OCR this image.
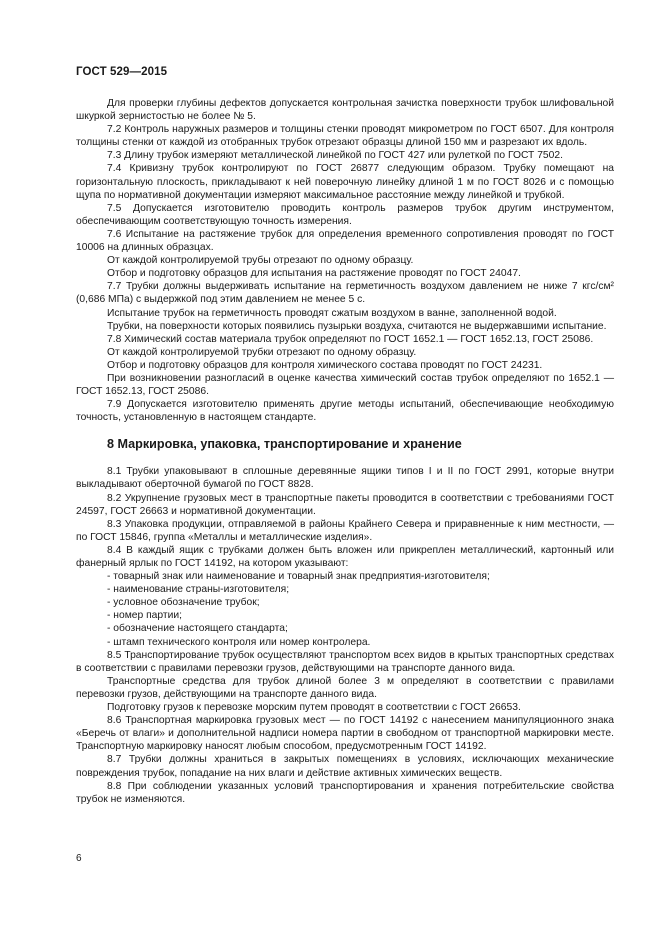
ГОСТ 529—2015

Для проверки глубины дефектов допускается контрольная зачистка поверхности трубок шлифовальной шкуркой зернистостью не более № 5.

7.2 Контроль наружных размеров и толщины стенки проводят микрометром по ГОСТ 6507. Для контроля толщины стенки от каждой из отобранных трубок отрезают образцы длиной 150 мм и разрезают их вдоль.

7.3 Длину трубок измеряют металлической линейкой по ГОСТ 427 или рулеткой по ГОСТ 7502.

7.4 Кривизну трубок контролируют по ГОСТ 26877 следующим образом. Трубку помещают на горизонтальную плоскость, прикладывают к ней поверочную линейку длиной 1 м по ГОСТ 8026 и с помощью щупа по нормативной документации измеряют максимальное расстояние между линейкой и трубкой.

7.5 Допускается изготовителю проводить контроль размеров трубок другим инструментом, обеспечивающим соответствующую точность измерения.

7.6 Испытание на растяжение трубок для определения временного сопротивления проводят по ГОСТ 10006 на длинных образцах.

От каждой контролируемой трубы отрезают по одному образцу.

Отбор и подготовку образцов для испытания на растяжение проводят по ГОСТ 24047.

7.7 Трубки должны выдерживать испытание на герметичность воздухом давлением не ниже 7 кгс/см² (0,686 МПа) с выдержкой под этим давлением не менее 5 с.

Испытание трубок на герметичность проводят сжатым воздухом в ванне, заполненной водой.

Трубки, на поверхности которых появились пузырьки воздуха, считаются не выдержавшими испытание.

7.8 Химический состав материала трубок определяют по ГОСТ 1652.1 — ГОСТ 1652.13, ГОСТ 25086.

От каждой контролируемой трубки отрезают по одному образцу.

Отбор и подготовку образцов для контроля химического состава проводят по ГОСТ 24231.

При возникновении разногласий в оценке качества химический состав трубок определяют по 1652.1 — ГОСТ 1652.13, ГОСТ 25086.

7.9 Допускается изготовителю применять другие методы испытаний, обеспечивающие необходимую точность, установленную в настоящем стандарте.

8 Маркировка, упаковка, транспортирование и хранение

8.1 Трубки упаковывают в сплошные деревянные ящики типов I и II по ГОСТ 2991, которые внутри выкладывают оберточной бумагой по ГОСТ 8828.

8.2 Укрупнение грузовых мест в транспортные пакеты проводится в соответствии с требованиями ГОСТ 24597, ГОСТ 26663 и нормативной документации.

8.3 Упаковка продукции, отправляемой в районы Крайнего Севера и приравненные к ним местности, — по ГОСТ 15846, группа «Металлы и металлические изделия».

8.4 В каждый ящик с трубками должен быть вложен или прикреплен металлический, картонный или фанерный ярлык по ГОСТ 14192, на котором указывают:

- товарный знак или наименование и товарный знак предприятия-изготовителя;

- наименование страны-изготовителя;

- условное обозначение трубок;

- номер партии;

- обозначение настоящего стандарта;

- штамп технического контроля или номер контролера.

8.5 Транспортирование трубок осуществляют транспортом всех видов в крытых транспортных средствах в соответствии с правилами перевозки грузов, действующими на транспорте данного вида.

Транспортные средства для трубок длиной более 3 м определяют в соответствии с правилами перевозки грузов, действующими на транспорте данного вида.

Подготовку грузов к перевозке морским путем проводят в соответствии с ГОСТ 26653.

8.6 Транспортная маркировка грузовых мест — по ГОСТ 14192 с нанесением манипуляционного знака «Беречь от влаги» и дополнительной надписи номера партии в свободном от транспортной маркировки месте. Транспортную маркировку наносят любым способом, предусмотренным ГОСТ 14192.

8.7 Трубки должны храниться в закрытых помещениях в условиях, исключающих механические повреждения трубок, попадание на них влаги и действие активных химических веществ.

8.8 При соблюдении указанных условий транспортирования и хранения потребительские свойства трубок не изменяются.

6
